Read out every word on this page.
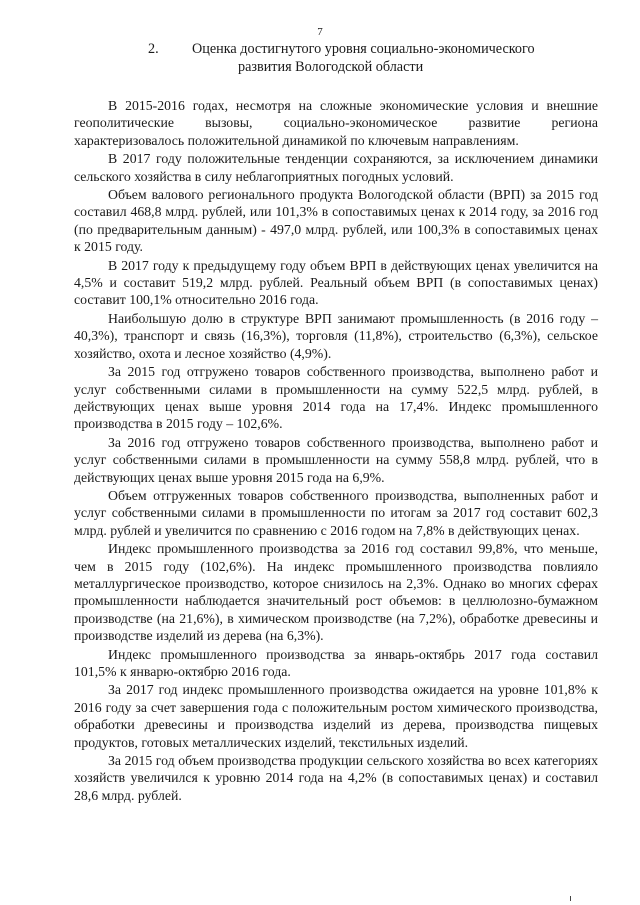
7
2. Оценка достигнутого уровня социально-экономического
развития Вологодской области

В 2015-2016 годах, несмотря на сложные экономические условия и внешние геополитические вызовы, социально-экономическое развитие региона характеризовалось положительной динамикой по ключевым направлениям.

В 2017 году положительные тенденции сохраняются, за исключением динамики сельского хозяйства в силу неблагоприятных погодных условий.

Объем валового регионального продукта Вологодской области (ВРП) за 2015 год составил 468,8 млрд. рублей, или 101,3% в сопоставимых ценах к 2014 году, за 2016 год (по предварительным данным) - 497,0 млрд. рублей, или 100,3% в сопоставимых ценах к 2015 году.

В 2017 году к предыдущему году объем ВРП в действующих ценах увеличится на 4,5% и составит 519,2 млрд. рублей. Реальный объем ВРП (в сопоставимых ценах) составит 100,1% относительно 2016 года.

Наибольшую долю в структуре ВРП занимают промышленность (в 2016 году – 40,3%), транспорт и связь (16,3%), торговля (11,8%), строительство (6,3%), сельское хозяйство, охота и лесное хозяйство (4,9%).

За 2015 год отгружено товаров собственного производства, выполнено работ и услуг собственными силами в промышленности на сумму 522,5 млрд. рублей, в действующих ценах выше уровня 2014 года на 17,4%. Индекс промышленного производства в 2015 году – 102,6%.

За 2016 год отгружено товаров собственного производства, выполнено работ и услуг собственными силами в промышленности на сумму 558,8 млрд. рублей, что в действующих ценах выше уровня 2015 года на 6,9%.

Объем отгруженных товаров собственного производства, выполненных работ и услуг собственными силами в промышленности по итогам за 2017 год составит 602,3 млрд. рублей и увеличится по сравнению с 2016 годом на 7,8% в действующих ценах.

Индекс промышленного производства за 2016 год составил 99,8%, что меньше, чем в 2015 году (102,6%). На индекс промышленного производства повлияло металлургическое производство, которое снизилось на 2,3%. Однако во многих сферах промышленности наблюдается значительный рост объемов: в целлюлозно-бумажном производстве (на 21,6%), в химическом производстве (на 7,2%), обработке древесины и производстве изделий из дерева (на 6,3%).

Индекс промышленного производства за январь-октябрь 2017 года составил 101,5% к январю-октябрю 2016 года.

За 2017 год индекс промышленного производства ожидается на уровне 101,8% к 2016 году за счет завершения года с положительным ростом химического производства, обработки древесины и производства изделий из дерева, производства пищевых продуктов, готовых металлических изделий, текстильных изделий.

За 2015 год объем производства продукции сельского хозяйства во всех категориях хозяйств увеличился к уровню 2014 года на 4,2% (в сопоставимых ценах) и составил 28,6 млрд. рублей.
